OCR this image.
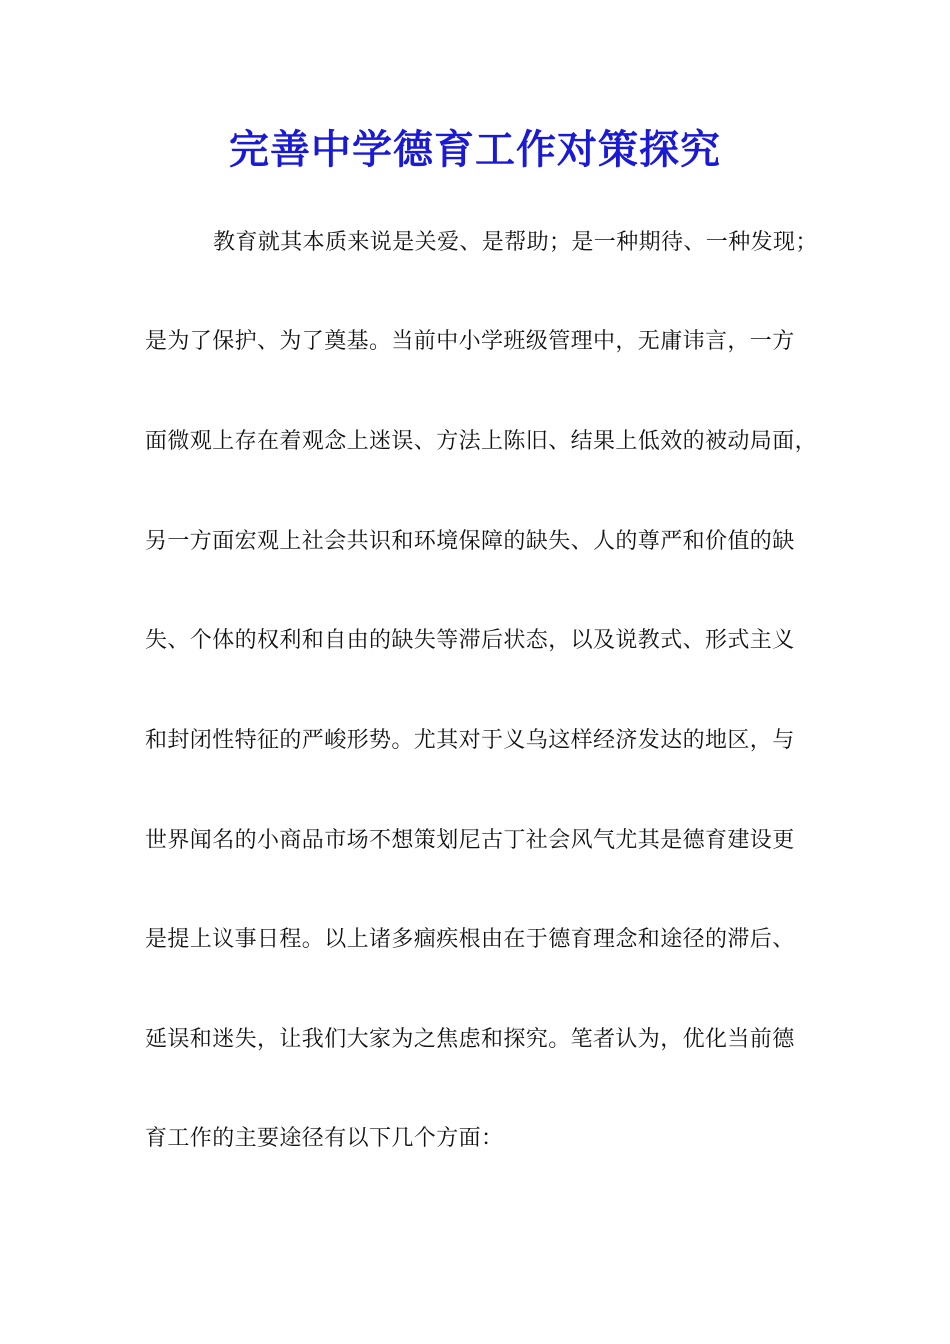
完善中学德育工作对策探究
教育就其本质来说是关爱、是帮助；是一种期待、一种发现；
是为了保护、为了奠基。当前中小学班级管理中，无庸讳言，一方
面微观上存在着观念上迷误、方法上陈旧、结果上低效的被动局面，
另一方面宏观上社会共识和环境保障的缺失、人的尊严和价值的缺
失、个体的权利和自由的缺失等滞后状态，以及说教式、形式主义
和封闭性特征的严峻形势。尤其对于义乌这样经济发达的地区，与
世界闻名的小商品市场不想策划尼古丁社会风气尤其是德育建设更
是提上议事日程。以上诸多痼疾根由在于德育理念和途径的滞后、
延误和迷失，让我们大家为之焦虑和探究。笔者认为，优化当前德
育工作的主要途径有以下几个方面：
